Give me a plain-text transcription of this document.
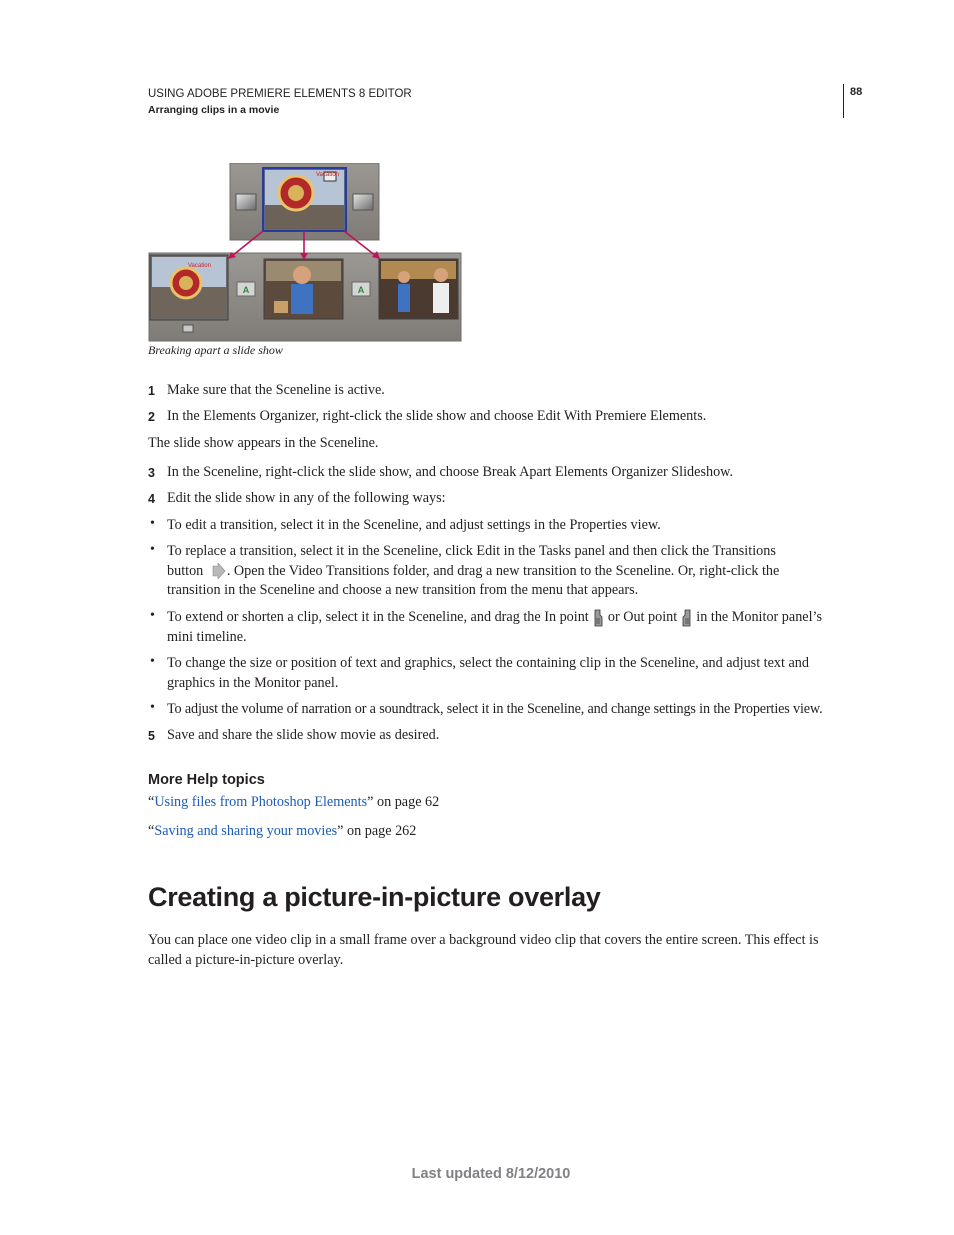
USING ADOBE PREMIERE ELEMENTS 8 EDITOR
Arranging clips in a movie
88
Vacation
Vacation
A	A
Breaking apart a slide show
1 Make sure that the Sceneline is active.
2 In the Elements Organizer, right-click the slide show and choose Edit With Premiere Elements.
The slide show appears in the Sceneline.
3 In the Sceneline, right-click the slide show, and choose Break Apart Elements Organizer Slideshow.
4 Edit the slide show in any of the following ways:
• To edit a transition, select it in the Sceneline, and adjust settings in the Properties view.
• To replace a transition, select it in the Sceneline, click Edit in the Tasks panel and then click the Transitions
button . Open the Video Transitions folder, and drag a new transition to the Sceneline. Or, right-click the
transition in the Sceneline and choose a new transition from the menu that appears.
• To extend or shorten a clip, select it in the Sceneline, and drag the In point or Out point in the Monitor panel’s
mini timeline.
• To change the size or position of text and graphics, select the containing clip in the Sceneline, and adjust text and
graphics in the Monitor panel.
• To adjust the volume of narration or a soundtrack, select it in the Sceneline, and change settings in the Properties view.
5 Save and share the slide show movie as desired.
More Help topics
“Using files from Photoshop Elements” on page 62
“Saving and sharing your movies” on page 262
Creating a picture-in-picture overlay
You can place one video clip in a small frame over a background video clip that covers the entire screen. This effect is
called a picture-in-picture overlay.
Last updated 8/12/2010
